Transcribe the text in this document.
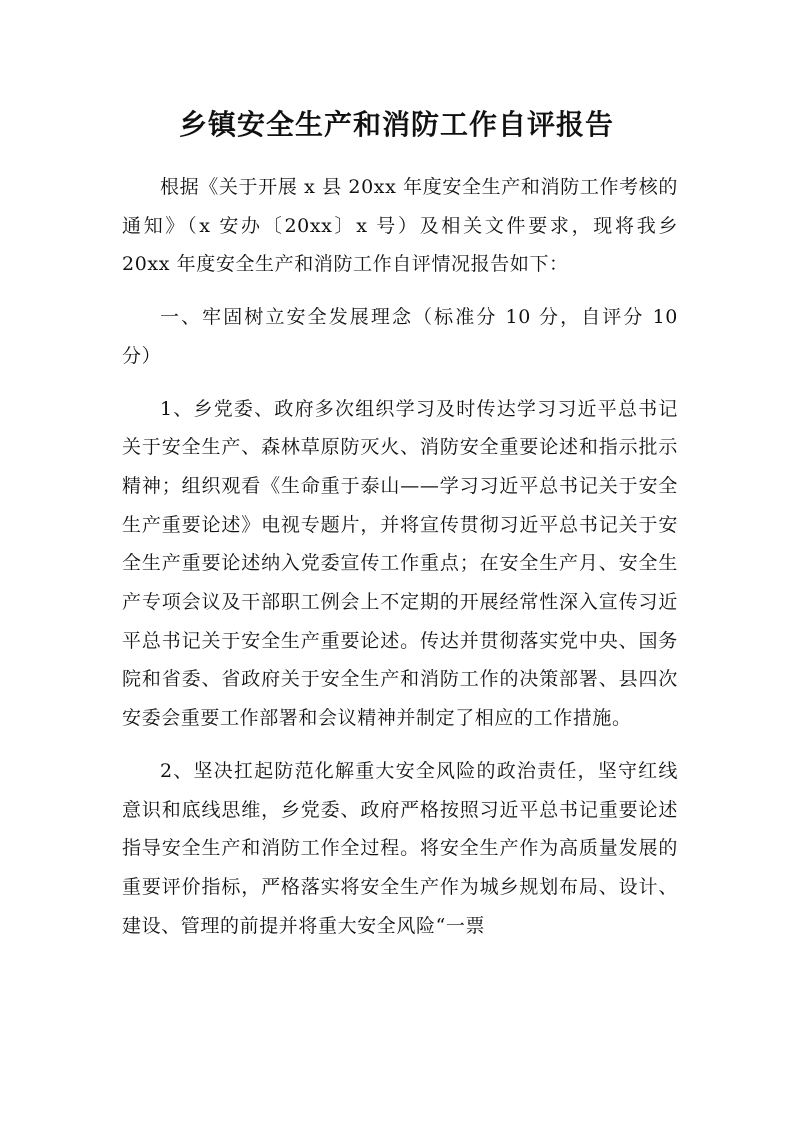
乡镇安全生产和消防工作自评报告

根据《关于开展 x 县 20xx 年度安全生产和消防工作考核的通知》（x 安办〔20xx〕x 号）及相关文件要求，现将我乡 20xx 年度安全生产和消防工作自评情况报告如下：

一、牢固树立安全发展理念（标准分 10 分，自评分 10 分）

1、乡党委、政府多次组织学习及时传达学习习近平总书记关于安全生产、森林草原防灭火、消防安全重要论述和指示批示精神；组织观看《生命重于泰山——学习习近平总书记关于安全生产重要论述》电视专题片，并将宣传贯彻习近平总书记关于安全生产重要论述纳入党委宣传工作重点；在安全生产月、安全生产专项会议及干部职工例会上不定期的开展经常性深入宣传习近平总书记关于安全生产重要论述。传达并贯彻落实党中央、国务院和省委、省政府关于安全生产和消防工作的决策部署、县四次安委会重要工作部署和会议精神并制定了相应的工作措施。

2、坚决扛起防范化解重大安全风险的政治责任，坚守红线意识和底线思维，乡党委、政府严格按照习近平总书记重要论述指导安全生产和消防工作全过程。将安全生产作为高质量发展的重要评价指标，严格落实将安全生产作为城乡规划布局、设计、建设、管理的前提并将重大安全风险“一票
